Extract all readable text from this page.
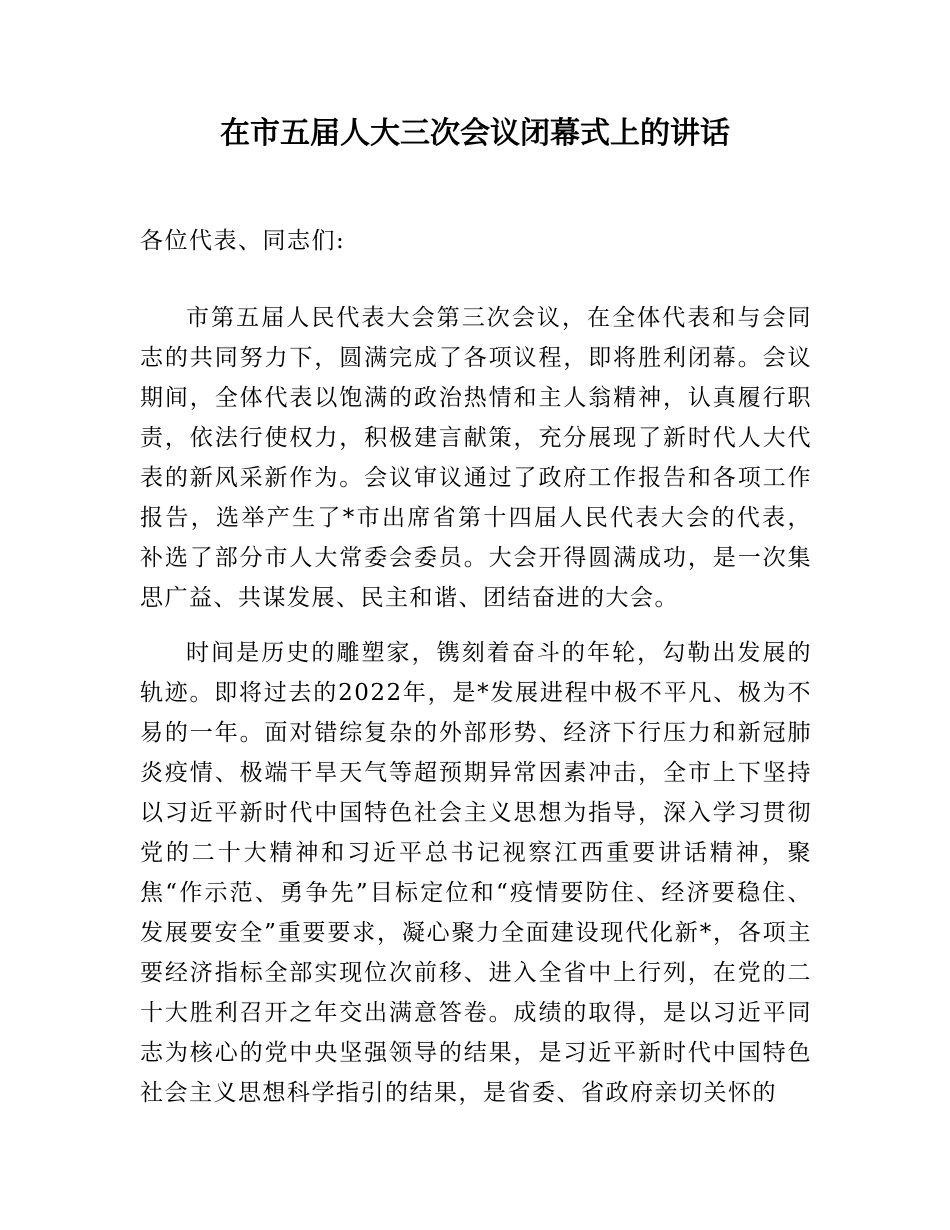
在市五届人大三次会议闭幕式上的讲话
各位代表、同志们:

市第五届人民代表大会第三次会议，在全体代表和与会同志的共同努力下，圆满完成了各项议程，即将胜利闭幕。会议期间，全体代表以饱满的政治热情和主人翁精神，认真履行职责，依法行使权力，积极建言献策，充分展现了新时代人大代表的新风采新作为。会议审议通过了政府工作报告和各项工作报告，选举产生了*市出席省第十四届人民代表大会的代表，补选了部分市人大常委会委员。大会开得圆满成功，是一次集思广益、共谋发展、民主和谐、团结奋进的大会。

时间是历史的雕塑家，镌刻着奋斗的年轮，勾勒出发展的轨迹。即将过去的2022年，是*发展进程中极不平凡、极为不易的一年。面对错综复杂的外部形势、经济下行压力和新冠肺炎疫情、极端干旱天气等超预期异常因素冲击，全市上下坚持以习近平新时代中国特色社会主义思想为指导，深入学习贯彻党的二十大精神和习近平总书记视察江西重要讲话精神，聚焦“作示范、勇争先”目标定位和“疫情要防住、经济要稳住、发展要安全”重要要求，凝心聚力全面建设现代化新*，各项主要经济指标全部实现位次前移、进入全省中上行列，在党的二十大胜利召开之年交出满意答卷。成绩的取得，是以习近平同志为核心的党中央坚强领导的结果，是习近平新时代中国特色社会主义思想科学指引的结果，是省委、省政府亲切关怀的
